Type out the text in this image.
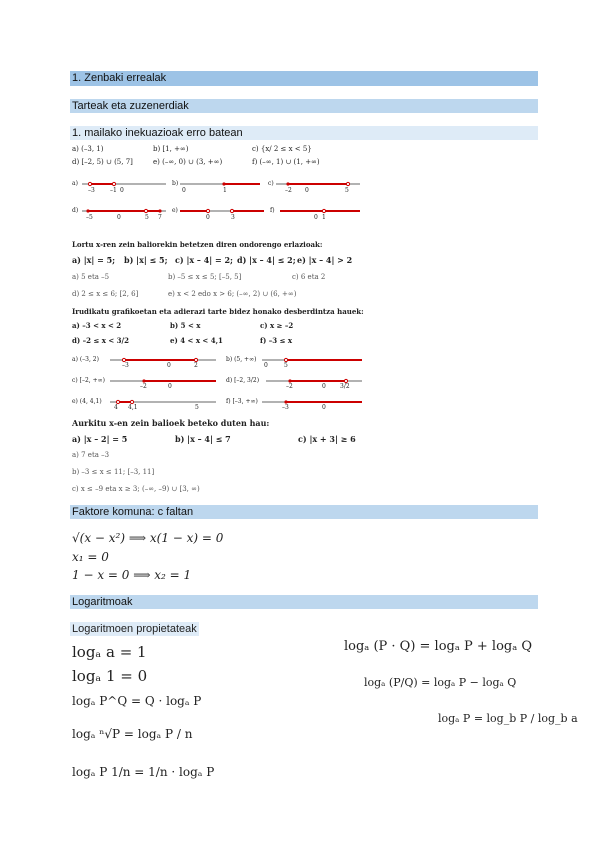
1. Zenbaki errealak
Tarteak eta zuzenerdiak
1. mailako inekuazioak erro batean
a) (–3, 1)	b) [1, +∞)	c) {x/ 2 ≤ x < 5}
d) [–2, 5) ∪ (5, 7]	e) (–∞, 0) ∪ (3, +∞)	f) (–∞, 1) ∪ (1, +∞)
a)
–3	–1 0
b)
0	1
c)
–2 0	5
d)
–5	0	5 7
e)
0	3
f)
0 1
Lortu x-ren zein baliorekin betetzen diren ondorengo erlazioak:
a) |x| = 5; b) |x| ≤ 5; c) |x – 4| = 2; d) |x – 4| ≤ 2; e) |x – 4| > 2
a) 5 eta –5	b) –5 ≤ x ≤ 5; [–5, 5]	c) 6 eta 2
d) 2 ≤ x ≤ 6; [2, 6]	e) x < 2 edo x > 6; (–∞, 2) ∪ (6, +∞)
Irudikatu grafikoetan eta adierazi tarte bidez honako desberdintza hauek:
a) –3 < x < 2	b) 5 < x	c) x ≥ –2
d) –2 ≤ x < 3/2	e) 4 < x < 4,1	f) –3 ≤ x
a) (–3, 2)
–3	0	2
b) (5, +∞)
0	5
c) [–2, +∞)
–2	0
d) [–2, 3/2)
–2	0 3/2
e) (4, 4,1)
4 4,1	5
f) [–3, +∞)
–3	0
Aurkitu x-en zein balioek beteko duten hau:
a) |x – 2| = 5	b) |x – 4| ≤ 7	c) |x + 3| ≥ 6
a) 7 eta –3
b) –3 ≤ x ≤ 11; [–3, 11]
c) x ≤ –9 eta x ≥ 3; (–∞, –9) ∪ [3, ∞)
Faktore komuna: c faltan
√(x − x²) ⟹ x(1 − x) = 0
x₁ = 0
1 − x = 0 ⟹ x₂ = 1
Logaritmoak
Logaritmoen propietateak
logₐ a = 1
logₐ 1 = 0
logₐ P^Q = Q · logₐ P
logₐ ⁿ√P = logₐ P / n
logₐ P 1/n = 1/n · logₐ P
logₐ (P · Q) = logₐ P + logₐ Q
logₐ (P/Q) = logₐ P − logₐ Q
logₐ P = log_b P / log_b a
